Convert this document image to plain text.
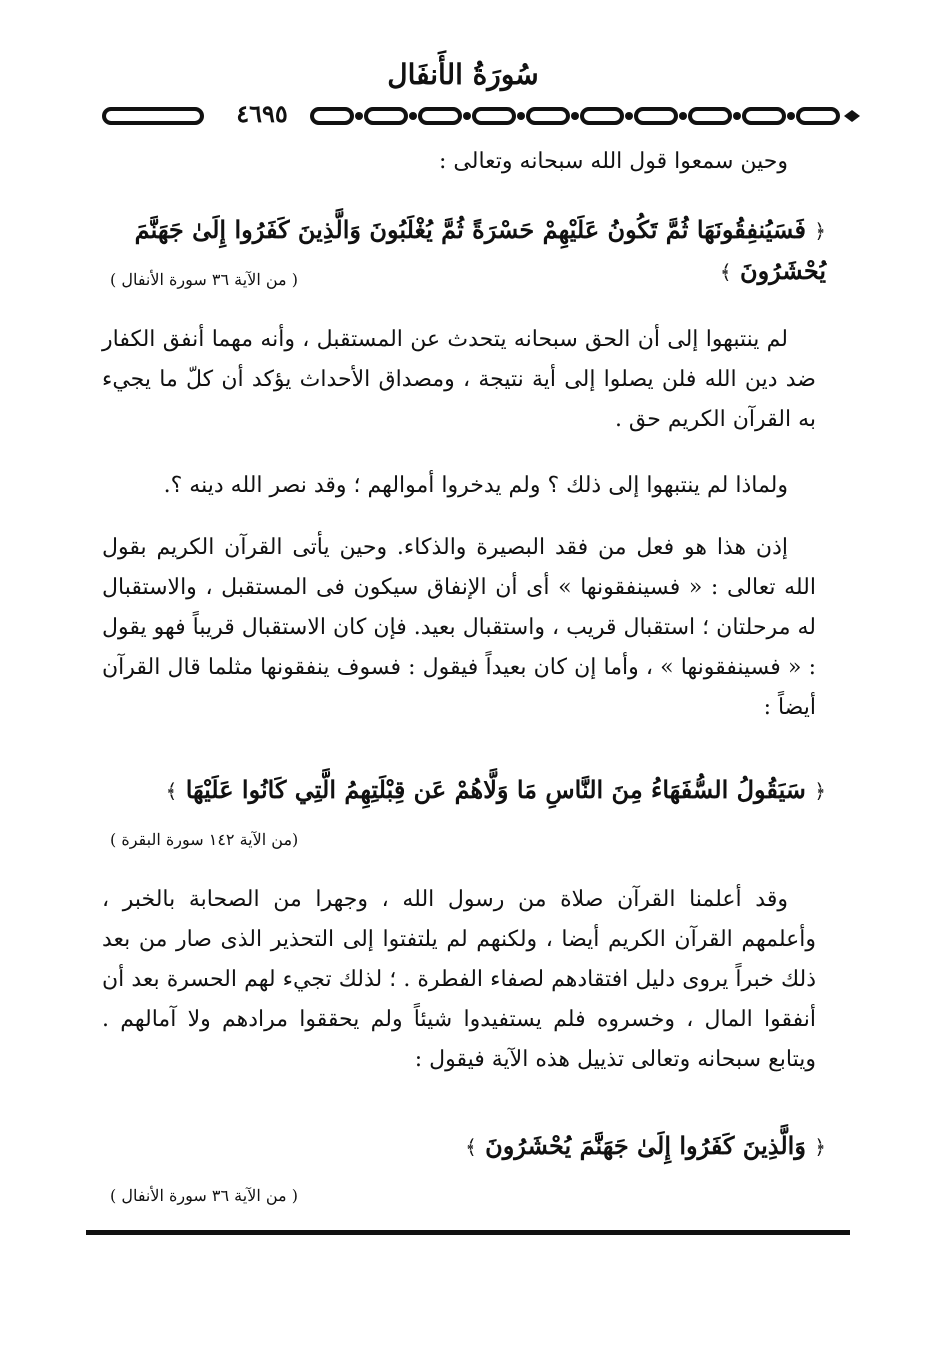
سُورَةُ الأَنفَال
٤٦٩٥
وحين سمعوا قول الله سبحانه وتعالى :
﴿ فَسَيُنفِقُونَهَا ثُمَّ تَكُونُ عَلَيْهِمْ حَسْرَةً ثُمَّ يُغْلَبُونَ وَالَّذِينَ كَفَرُوا إِلَىٰ جَهَنَّمَ يُحْشَرُونَ ﴾
( من الآية ٣٦ سورة الأنفال )
لم ينتبهوا إلى أن الحق سبحانه يتحدث عن المستقبل ، وأنه مهما أنفق الكفار ضد دين الله فلن يصلوا إلى أية نتيجة ، ومصداق الأحداث يؤكد أن كلّ ما يجيء به القرآن الكريم حق .
ولماذا لم ينتبهوا إلى ذلك ؟ ولم يدخروا أموالهم ؛ وقد نصر الله دينه ؟.
إذن هذا هو فعل من فقد البصيرة والذكاء. وحين يأتى القرآن الكريم بقول الله تعالى : « فسينفقونها » أى أن الإنفاق سيكون فى المستقبل ، والاستقبال له مرحلتان ؛ استقبال قريب ، واستقبال بعيد. فإن كان الاستقبال قريباً فهو يقول : « فسينفقونها » ، وأما إن كان بعيداً فيقول : فسوف ينفقونها مثلما قال القرآن أيضاً :
﴿ سَيَقُولُ السُّفَهَاءُ مِنَ النَّاسِ مَا وَلَّاهُمْ عَن قِبْلَتِهِمُ الَّتِي كَانُوا عَلَيْهَا ﴾
(من الآية ١٤٢ سورة البقرة )
وقد أعلمنا القرآن صلاة من رسول الله ، وجهرا من الصحابة بالخبر ، وأعلمهم القرآن الكريم أيضا ، ولكنهم لم يلتفتوا إلى التحذير الذى صار من بعد ذلك خبراً يروى دليل افتقادهم لصفاء الفطرة . ؛ لذلك تجيء لهم الحسرة بعد أن أنفقوا المال ، وخسروه فلم يستفيدوا شيئاً ولم يحققوا مرادهم ولا آمالهم . ويتابع سبحانه وتعالى تذييل هذه الآية فيقول :
﴿ وَالَّذِينَ كَفَرُوا إِلَىٰ جَهَنَّمَ يُحْشَرُونَ ﴾
( من الآية ٣٦ سورة الأنفال )
